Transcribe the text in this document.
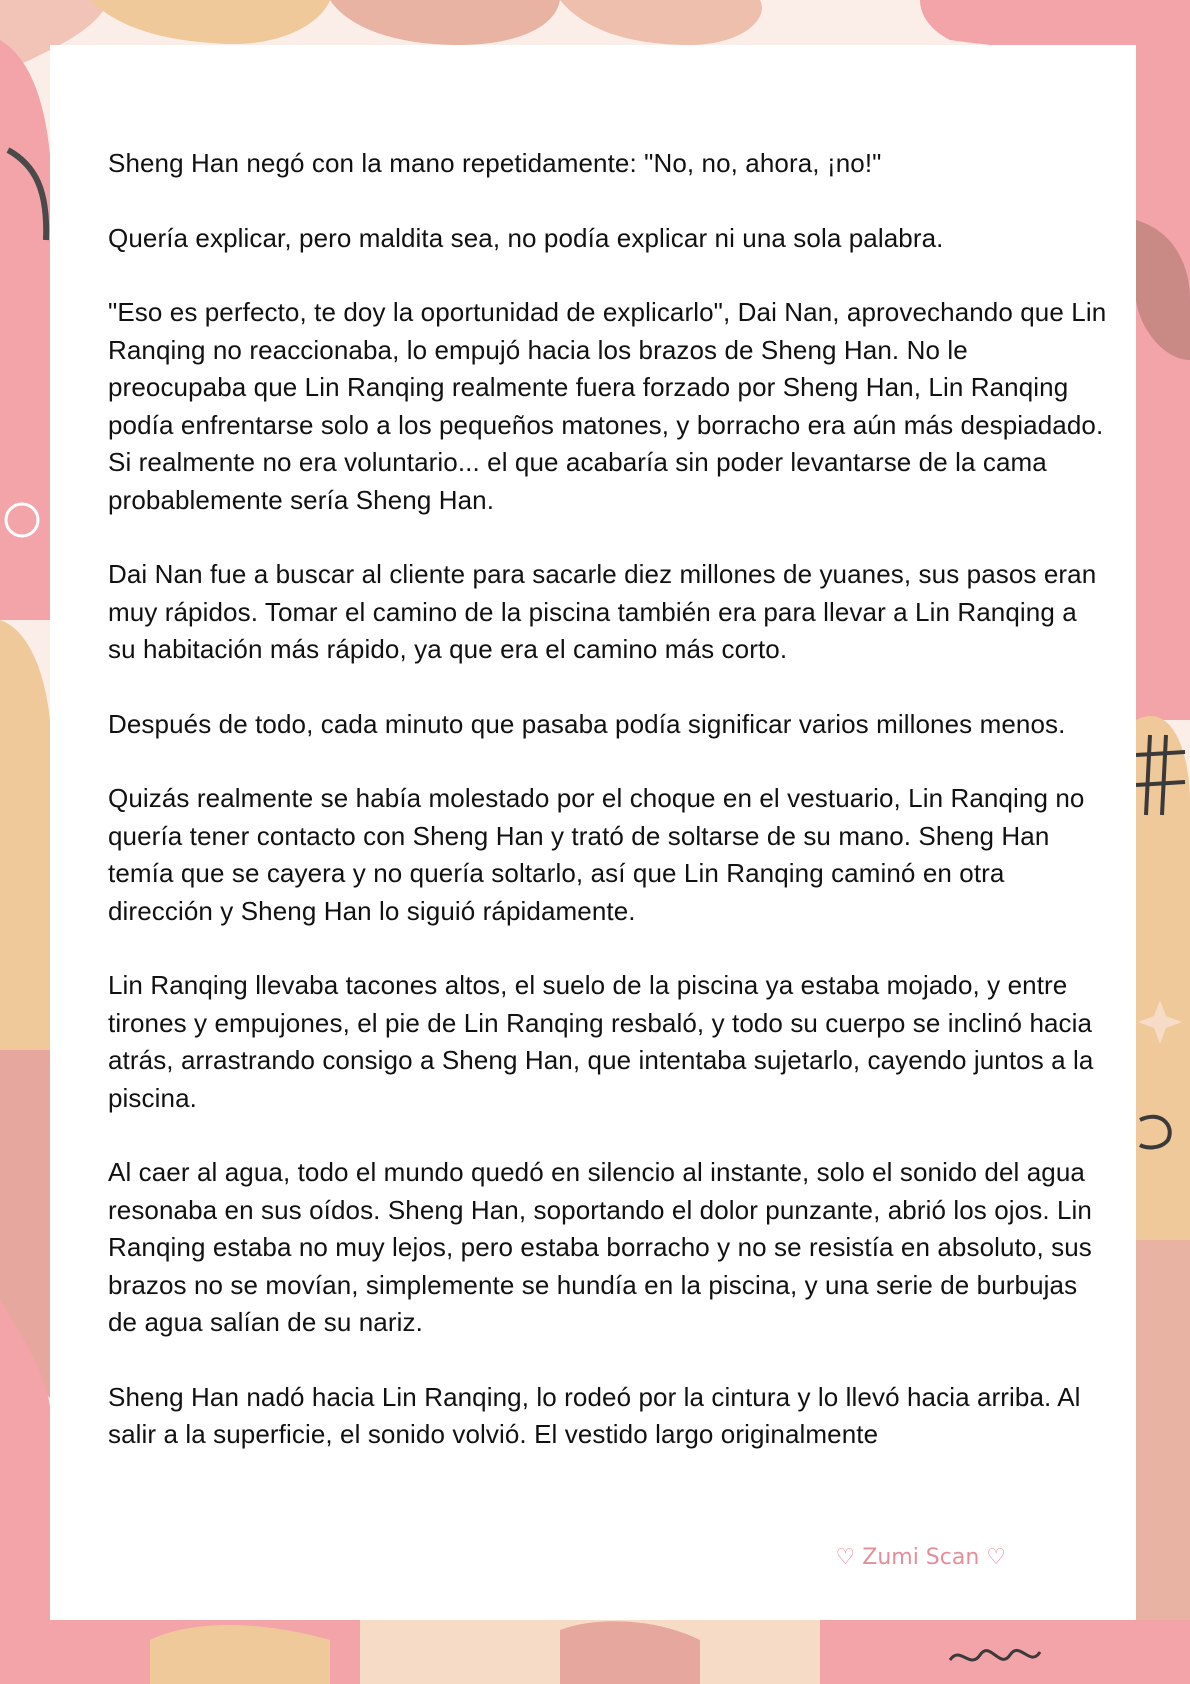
Sheng Han negó con la mano repetidamente: "No, no, ahora, ¡no!"

Quería explicar, pero maldita sea, no podía explicar ni una sola palabra.

"Eso es perfecto, te doy la oportunidad de explicarlo", Dai Nan, aprovechando que Lin Ranqing no reaccionaba, lo empujó hacia los brazos de Sheng Han. No le preocupaba que Lin Ranqing realmente fuera forzado por Sheng Han, Lin Ranqing podía enfrentarse solo a los pequeños matones, y borracho era aún más despiadado. Si realmente no era voluntario... el que acabaría sin poder levantarse de la cama probablemente sería Sheng Han.

Dai Nan fue a buscar al cliente para sacarle diez millones de yuanes, sus pasos eran muy rápidos. Tomar el camino de la piscina también era para llevar a Lin Ranqing a su habitación más rápido, ya que era el camino más corto.

Después de todo, cada minuto que pasaba podía significar varios millones menos.

Quizás realmente se había molestado por el choque en el vestuario, Lin Ranqing no quería tener contacto con Sheng Han y trató de soltarse de su mano. Sheng Han temía que se cayera y no quería soltarlo, así que Lin Ranqing caminó en otra dirección y Sheng Han lo siguió rápidamente.

Lin Ranqing llevaba tacones altos, el suelo de la piscina ya estaba mojado, y entre tirones y empujones, el pie de Lin Ranqing resbaló, y todo su cuerpo se inclinó hacia atrás, arrastrando consigo a Sheng Han, que intentaba sujetarlo, cayendo juntos a la piscina.

Al caer al agua, todo el mundo quedó en silencio al instante, solo el sonido del agua resonaba en sus oídos. Sheng Han, soportando el dolor punzante, abrió los ojos. Lin Ranqing estaba no muy lejos, pero estaba borracho y no se resistía en absoluto, sus brazos no se movían, simplemente se hundía en la piscina, y una serie de burbujas de agua salían de su nariz.

Sheng Han nadó hacia Lin Ranqing, lo rodeó por la cintura y lo llevó hacia arriba. Al salir a la superficie, el sonido volvió. El vestido largo originalmente

♡ Zumi Scan ♡
